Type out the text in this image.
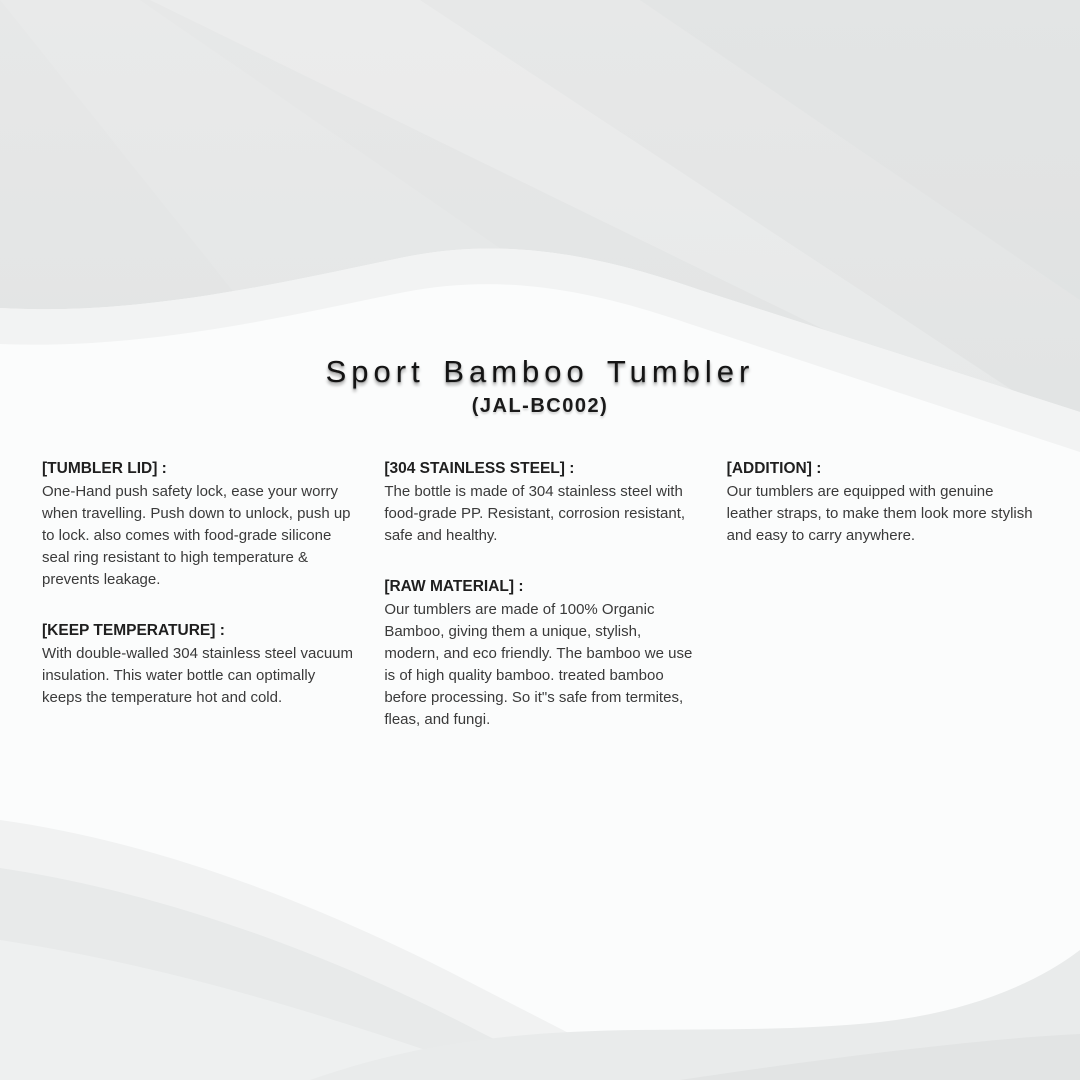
Sport Bamboo Tumbler
(JAL-BC002)
[TUMBLER LID] :

One-Hand push safety lock, ease your worry when travelling. Push down to unlock, push up to lock. also comes with food-grade silicone seal ring resistant to high temperature & prevents leakage.

[KEEP TEMPERATURE] :

With double-walled 304 stainless steel vacuum insulation. This water bottle can optimally keeps the temperature hot and cold.

[304 STAINLESS STEEL] :

The bottle is made of 304 stainless steel with food-grade PP. Resistant, corrosion resistant, safe and healthy.

[RAW MATERIAL] :

Our tumblers are made of 100% Organic Bamboo, giving them a unique, stylish, modern, and eco friendly. The bamboo we use is of high quality bamboo. treated bamboo before processing. So it"s safe from termites, fleas, and fungi.

[ADDITION] :

Our tumblers are equipped with genuine leather straps, to make them look more stylish and easy to carry anywhere.
